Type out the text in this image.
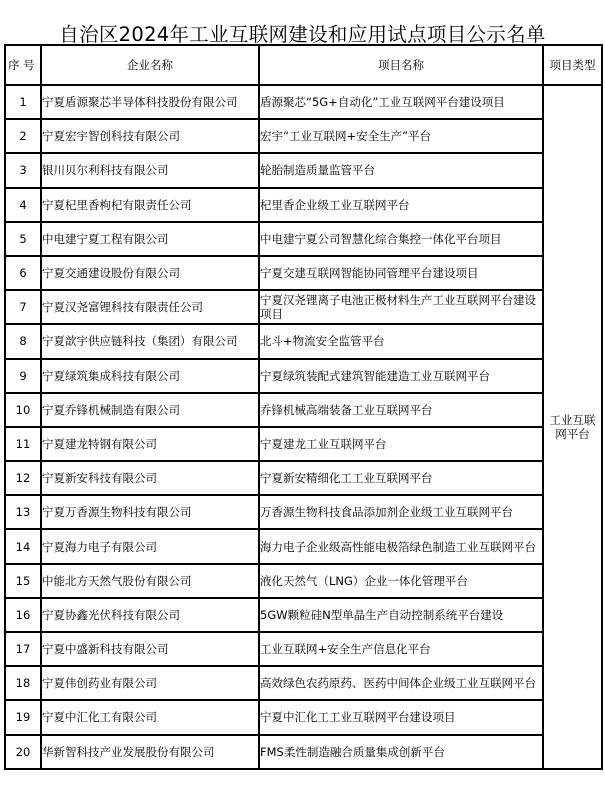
自治区2024年工业互联网建设和应用试点项目公示名单
序 号	企业名称	项目名称	项目类型
1	宁夏盾源聚芯半导体科技股份有限公司	盾源聚芯“5G+自动化”工业互联网平台建设项目	工业互联网平台
2	宁夏宏宇智创科技有限公司	宏宇“工业互联网+安全生产”平台	
3	银川贝尔利科技有限公司	轮胎制造质量监管平台	
4	宁夏杞里香枸杞有限责任公司	杞里香企业级工业互联网平台	
5	中电建宁夏工程有限公司	中电建宁夏公司智慧化综合集控一体化平台项目	
6	宁夏交通建设股份有限公司	宁夏交建互联网智能协同管理平台建设项目	
7	宁夏汉尧富锂科技有限责任公司	宁夏汉尧锂离子电池正极材料生产工业互联网平台建设项目	
8	宁夏歆宇供应链科技（集团）有限公司	北斗+物流安全监管平台	
9	宁夏绿筑集成科技有限公司	宁夏绿筑装配式建筑智能建造工业互联网平台	
10	宁夏乔锋机械制造有限公司	乔锋机械高端装备工业互联网平台	
11	宁夏建龙特钢有限公司	宁夏建龙工业互联网平台	
12	宁夏新安科技有限公司	宁夏新安精细化工工业互联网平台	
13	宁夏万香源生物科技有限公司	万香源生物科技食品添加剂企业级工业互联网平台	
14	宁夏海力电子有限公司	海力电子企业级高性能电极箔绿色制造工业互联网平台	
15	中能北方天然气股份有限公司	液化天然气（LNG）企业一体化管理平台	
16	宁夏协鑫光伏科技有限公司	5GW颗粒硅N型单晶生产自动控制系统平台建设	
17	宁夏中盛新科技有限公司	工业互联网+安全生产信息化平台	
18	宁夏伟创药业有限公司	高效绿色农药原药、医药中间体企业级工业互联网平台	
19	宁夏中汇化工有限公司	宁夏中汇化工工业互联网平台建设项目	
20	华新智科技产业发展股份有限公司	FMS柔性制造融合质量集成创新平台	
